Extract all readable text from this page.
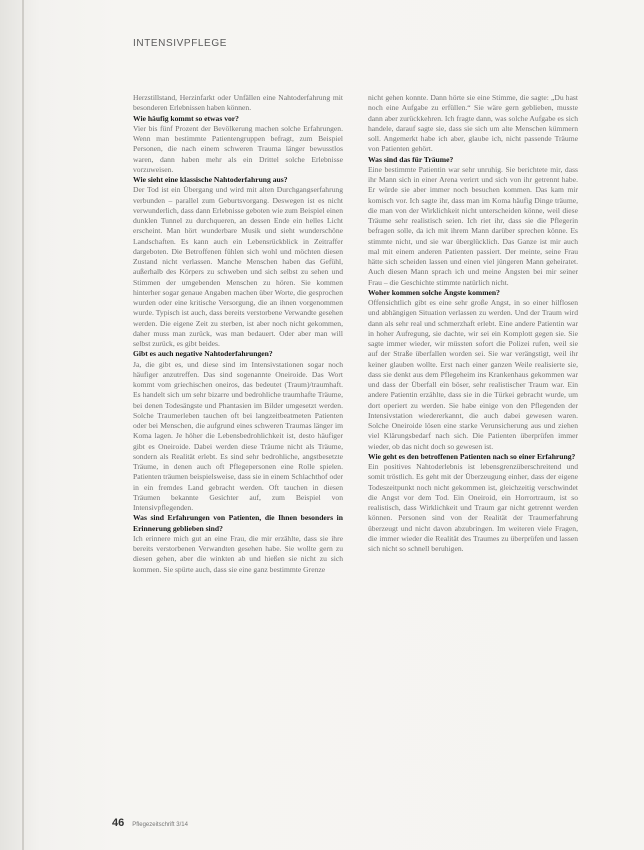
INTENSIVPFLEGE

Herzstillstand, Herzinfarkt oder Unfällen eine Nahtoderfahrung mit besonderen Erlebnissen haben können.

Wie häufig kommt so etwas vor?

Vier bis fünf Prozent der Bevölkerung machen solche Erfahrungen. Wenn man bestimmte Patientengruppen befragt, zum Beispiel Personen, die nach einem schweren Trauma länger bewusstlos waren, dann haben mehr als ein Drittel solche Erlebnisse vorzuweisen.

Wie sieht eine klassische Nahtoderfahrung aus?

Der Tod ist ein Übergang und wird mit alten Durchgangserfahrung verbunden – parallel zum Geburtsvorgang. Deswegen ist es nicht verwunderlich, dass dann Erlebnisse geboten wie zum Beispiel einen dunklen Tunnel zu durchqueren, an dessen Ende ein helles Licht erscheint. Man hört wunderbare Musik und sieht wunderschöne Landschaften. Es kann auch ein Lebensrückblick in Zeitraffer dargeboten. Die Betroffenen fühlen sich wohl und möchten diesen Zustand nicht verlassen. Manche Menschen haben das Gefühl, außerhalb des Körpers zu schweben und sich selbst zu sehen und Stimmen der umgebenden Menschen zu hören. Sie kommen hinterher sogar genaue Angaben machen über Worte, die gesprochen wurden oder eine kritische Versorgung, die an ihnen vorgenommen wurde. Typisch ist auch, dass bereits verstorbene Verwandte gesehen werden. Die eigene Zeit zu sterben, ist aber noch nicht gekommen, daher muss man zurück, was man bedauert. Oder aber man will selbst zurück, es gibt beides.

Gibt es auch negative Nahtoderfahrungen?

Ja, die gibt es, und diese sind im Intensivstationen sogar noch häufiger anzutreffen. Das sind sogenannte Oneiroide. Das Wort kommt vom griechischen oneiros, das bedeutet (Traum)/traumhaft. Es handelt sich um sehr bizarre und bedrohliche traumhafte Träume, bei denen Todesängste und Phantasien im Bilder umgesetzt werden. Solche Traumerleben tauchen oft bei langzeitbeatmeten Patienten oder bei Menschen, die aufgrund eines schweren Traumas länger im Koma lagen. Je höher die Lebensbedrohlichkeit ist, desto häufiger gibt es Oneiroide. Dabei werden diese Träume nicht als Träume, sondern als Realität erlebt. Es sind sehr bedrohliche, angstbesetzte Träume, in denen auch oft Pflegepersonen eine Rolle spielen. Patienten träumen beispielsweise, dass sie in einem Schlachthof oder in ein fremdes Land gebracht werden. Oft tauchen in diesen Träumen bekannte Gesichter auf, zum Beispiel von Intensivpflegenden.

Was sind Erfahrungen von Patienten, die Ihnen besonders in Erinnerung geblieben sind?

Ich erinnere mich gut an eine Frau, die mir erzählte, dass sie ihre bereits verstorbenen Verwandten gesehen habe. Sie wollte gern zu diesen gehen, aber die winkten ab und hießen sie nicht zu sich kommen. Sie spürte auch, dass sie eine ganz bestimmte Grenze

nicht gehen konnte. Dann hörte sie eine Stimme, die sagte: „Du hast noch eine Aufgabe zu erfüllen.“ Sie wäre gern geblieben, musste dann aber zurückkehren. Ich fragte dann, was solche Aufgabe es sich handele, darauf sagte sie, dass sie sich um alte Menschen kümmern soll. Angemerkt habe ich aber, glaube ich, nicht passende Träume von Patienten gehört.

Was sind das für Träume?

Eine bestimmte Patientin war sehr unruhig. Sie berichtete mir, dass ihr Mann sich in einer Arena verirrt und sich von ihr getrennt habe. Er würde sie aber immer noch besuchen kommen. Das kam mir komisch vor. Ich sagte ihr, dass man im Koma häufig Dinge träume, die man von der Wirklichkeit nicht unterscheiden könne, weil diese Träume sehr realistisch seien. Ich riet ihr, dass sie die Pflegerin befragen solle, da ich mit ihrem Mann darüber sprechen könne. Es stimmte nicht, und sie war überglücklich. Das Ganze ist mir auch mal mit einem anderen Patienten passiert. Der meinte, seine Frau hätte sich scheiden lassen und einen viel jüngeren Mann geheiratet. Auch diesen Mann sprach ich und meine Ängsten bei mir seiner Frau – die Geschichte stimmte natürlich nicht.

Woher kommen solche Ängste kommen?

Offensichtlich gibt es eine sehr große Angst, in so einer hilflosen und abhängigen Situation verlassen zu werden. Und der Traum wird dann als sehr real und schmerzhaft erlebt. Eine andere Patientin war in hoher Aufregung, sie dachte, wir sei ein Komplott gegen sie. Sie sagte immer wieder, wir müssten sofort die Polizei rufen, weil sie auf der Straße überfallen worden sei. Sie war verängstigt, weil ihr keiner glauben wollte. Erst nach einer ganzen Weile realisierte sie, dass sie denkt aus dem Pflegeheim ins Krankenhaus gekommen war und dass der Überfall ein böser, sehr realistischer Traum war. Ein andere Patientin erzählte, dass sie in die Türkei gebracht wurde, um dort operiert zu werden. Sie habe einige von den Pflegenden der Intensivstation wiedererkannt, die auch dabei gewesen waren. Solche Oneiroide lösen eine starke Verunsicherung aus und ziehen viel Klärungsbedarf nach sich. Die Patienten überprüfen immer wieder, ob das nicht doch so gewesen ist.

Wie geht es den betroffenen Patienten nach so einer Erfahrung?

Ein positives Nahtoderlebnis ist lebensgrenzüberschreitend und somit tröstlich. Es geht mit der Überzeugung einher, dass der eigene Todeszeitpunkt noch nicht gekommen ist, gleichzeitig verschwindet die Angst vor dem Tod. Ein Oneiroid, ein Horrortraum, ist so realistisch, dass Wirklichkeit und Traum gar nicht getrennt werden können. Personen sind von der Realität der Traumerfahrung überzeugt und nicht davon abzubringen. Im weiteren viele Fragen, die immer wieder die Realität des Traumes zu überprüfen und lassen sich nicht so schnell beruhigen.

46 Pflegezeitschrift 3/14
